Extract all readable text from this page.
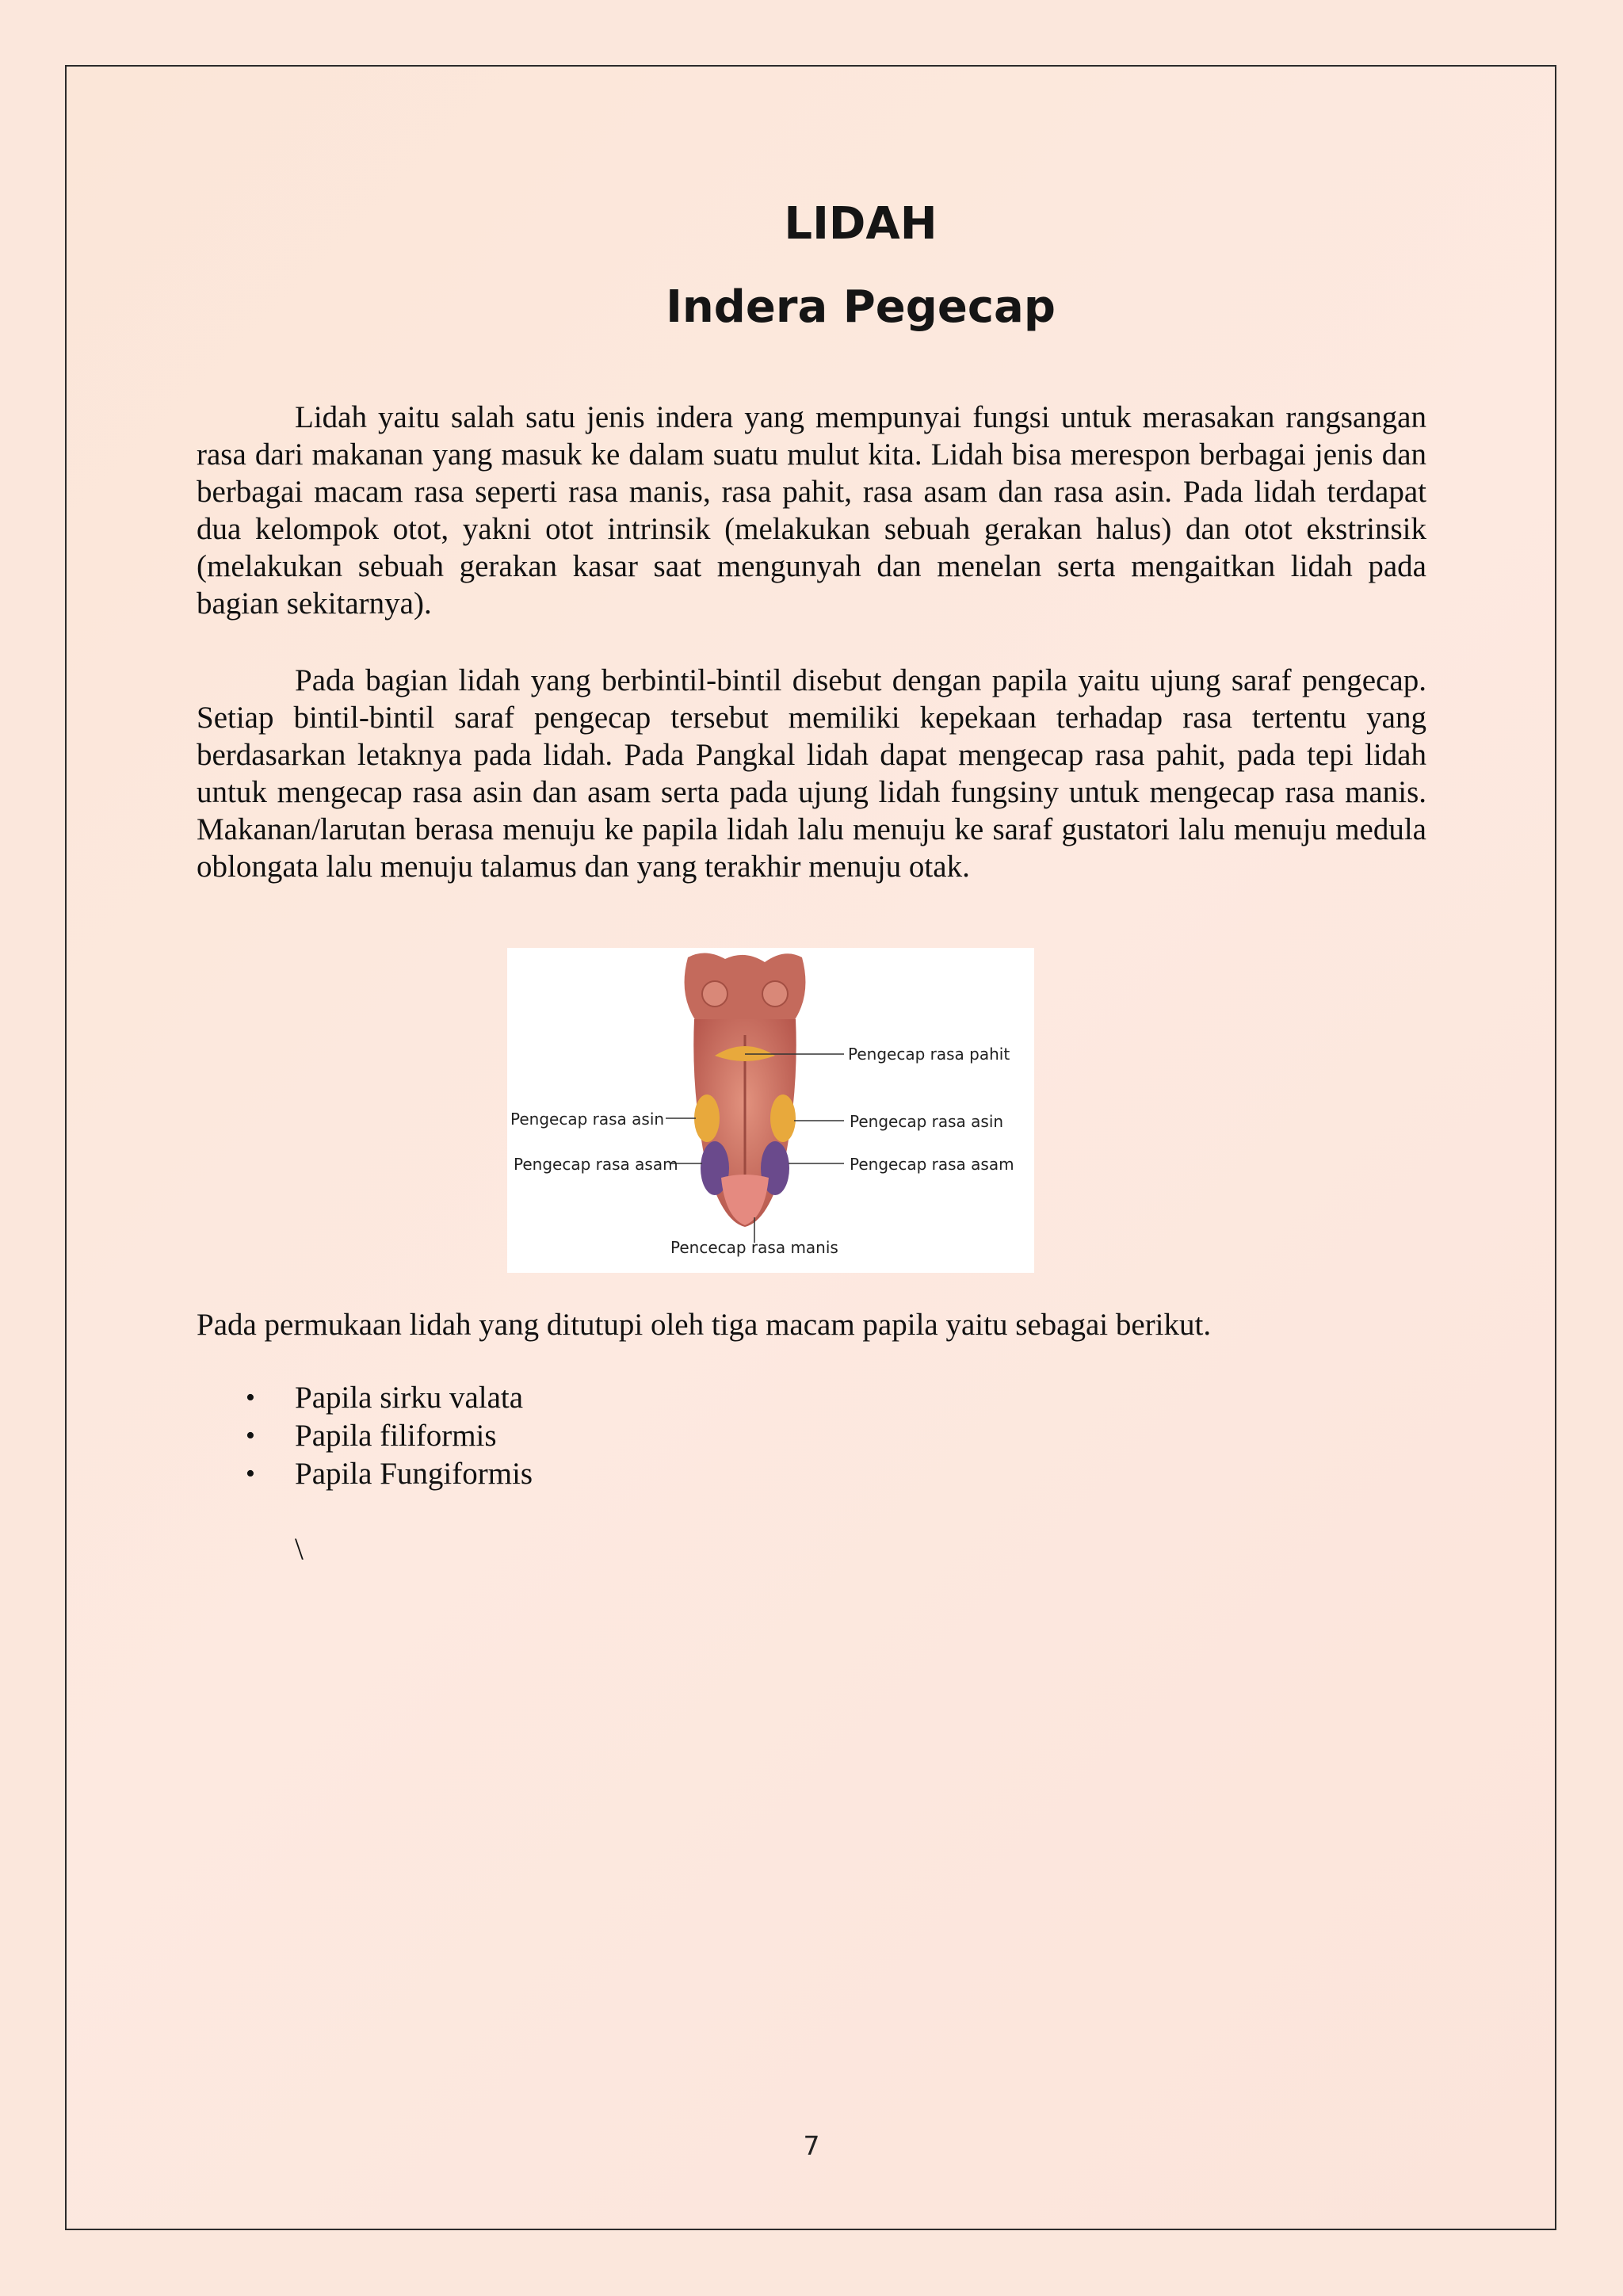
LIDAH
Indera Pegecap

Lidah yaitu salah satu jenis indera yang mempunyai fungsi untuk merasakan rangsangan rasa dari makanan yang masuk ke dalam suatu mulut kita. Lidah bisa merespon berbagai jenis dan berbagai macam rasa seperti rasa manis, rasa pahit, rasa asam dan rasa asin. Pada lidah terdapat dua kelompok otot, yakni otot intrinsik (melakukan sebuah gerakan halus) dan otot ekstrinsik (melakukan sebuah gerakan kasar saat mengunyah dan menelan serta mengaitkan lidah pada bagian sekitarnya).

Pada bagian lidah yang berbintil-bintil disebut dengan papila yaitu ujung saraf pengecap. Setiap bintil-bintil saraf pengecap tersebut memiliki kepekaan terhadap rasa tertentu yang berdasarkan letaknya pada lidah. Pada Pangkal lidah dapat mengecap rasa pahit, pada tepi lidah untuk mengecap rasa asin dan asam serta pada ujung lidah fungsiny untuk mengecap rasa manis. Makanan/larutan berasa menuju ke papila lidah lalu menuju ke saraf gustatori lalu menuju medula oblongata lalu menuju talamus dan yang terakhir menuju otak.

Pengecap rasa pahit
Pengecap rasa asin	Pengecap rasa asin
Pengecap rasa asam	Pengecap rasa asam
Pencecap rasa manis

Pada permukaan lidah yang ditutupi oleh tiga macam papila yaitu sebagai berikut.

• Papila sirku valata
• Papila filiformis
• Papila Fungiformis
\
7
